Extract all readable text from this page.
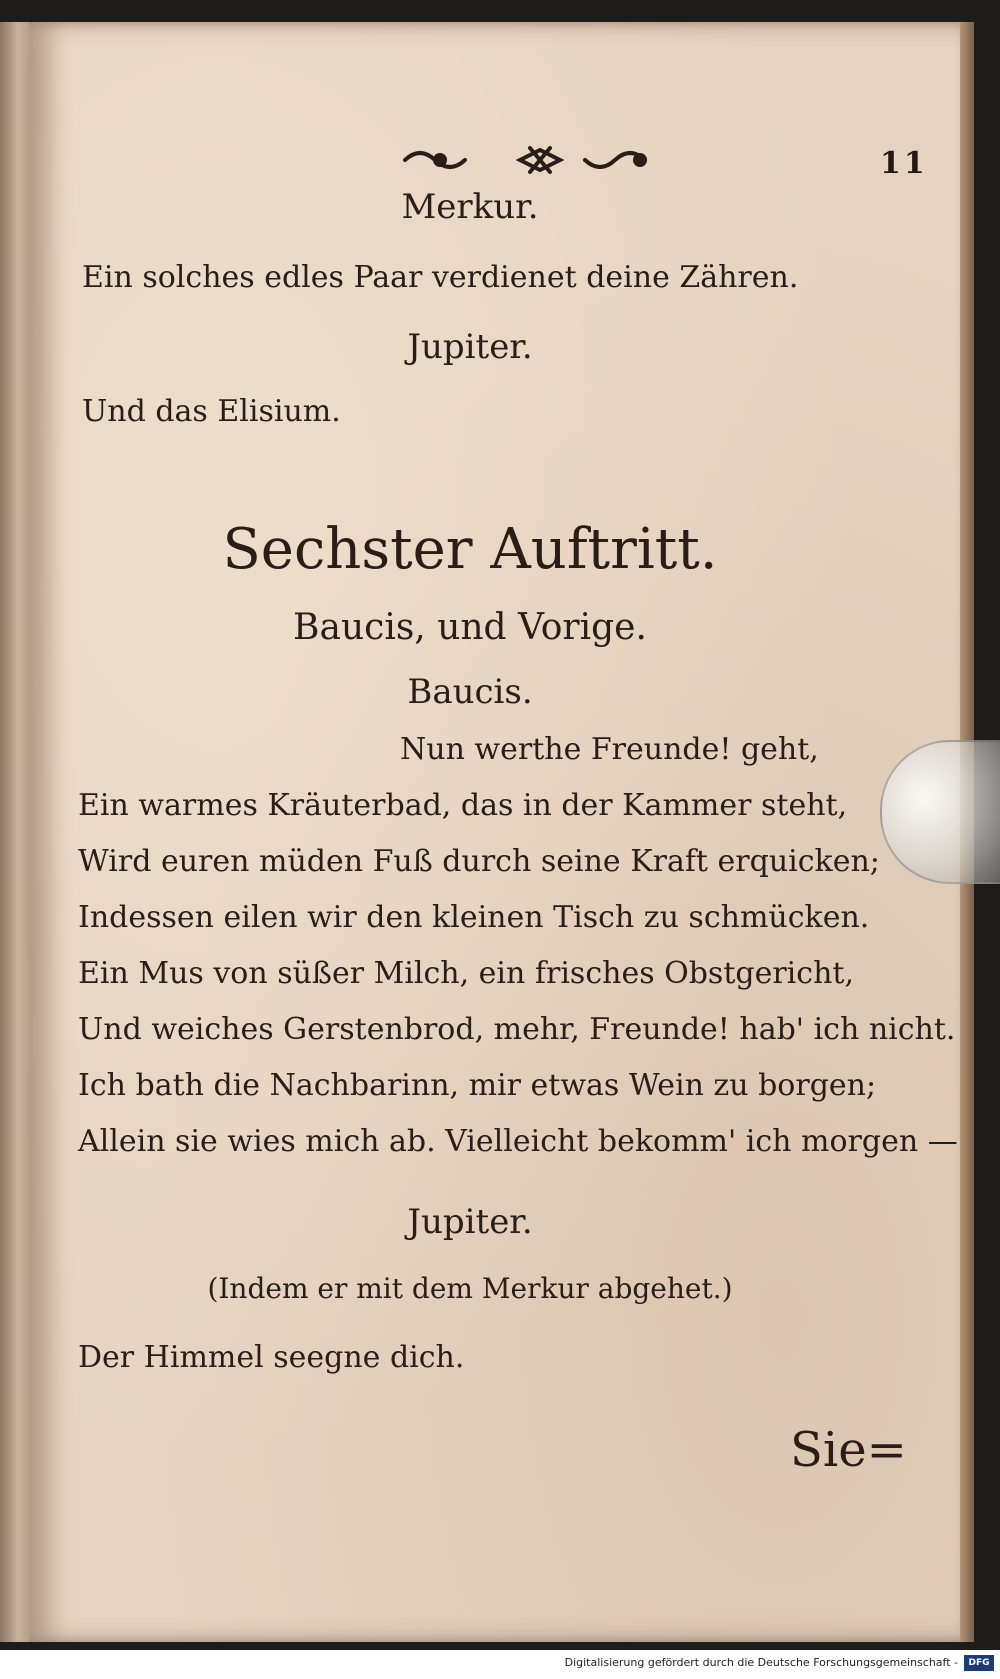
11
Merkur.
Ein solches edles Paar verdienet deine Zähren.
Jupiter.
Und das Elisium.
Sechster Auftritt.
Baucis, und Vorige.
Baucis.
Nun werthe Freunde! geht,
Ein warmes Kräuterbad, das in der Kammer steht,
Wird euren müden Fuß durch seine Kraft erquicken;
Indessen eilen wir den kleinen Tisch zu schmücken.
Ein Mus von süßer Milch, ein frisches Obstgericht,
Und weiches Gerstenbrod, mehr, Freunde! hab' ich nicht.
Ich bath die Nachbarinn, mir etwas Wein zu borgen;
Allein sie wies mich ab. Vielleicht bekomm' ich morgen —
Jupiter.
(Indem er mit dem Merkur abgehet.)
Der Himmel seegne dich.
Sie=
Digitalisierung gefördert durch die Deutsche Forschungsgemeinschaft -	DFG
